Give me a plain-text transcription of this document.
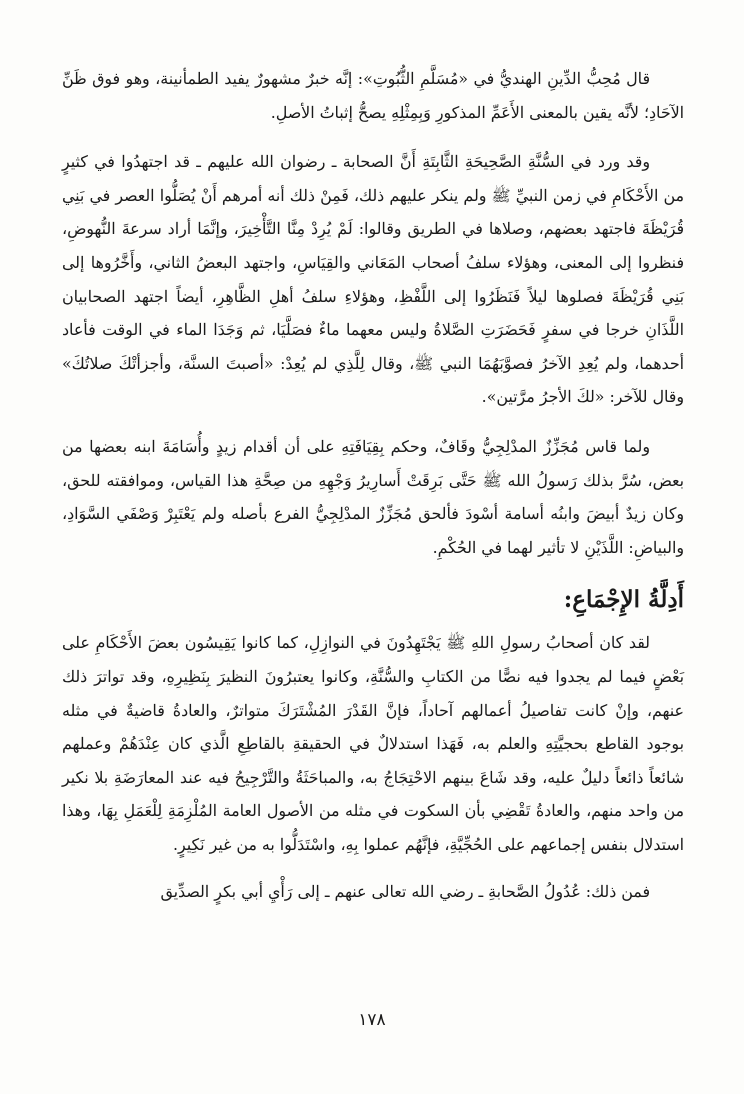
قال مُحِبُّ الدِّينِ الهنديُّ في «مُسَلَّمِ الثُّبُوتِ»: إنَّه خبرٌ مشهورٌ يفيد الطمأنينة، وهو فوق ظَنِّ الآحَادِ؛ لأنَّه يقين بالمعنى الأَعَمِّ المذكورِ وَبِمِثْلِهِ يصحُّ إثباتُ الأصلِ.

وقد ورد في السُّنَّةِ الصَّحِيحَةِ الثَّابِتَةِ أَنَّ الصحابة ـ رضوان الله عليهم ـ قد اجتهدُوا في كثيرٍ من الأَحْكَامِ في زمن النبيِّ ﷺ ولم ينكر عليهم ذلك، فَمِنْ ذلك أنه أمرهم أَنْ يُصَلُّوا العصر في بَنِي قُرَيْظَةَ فاجتهد بعضهم، وصلاها في الطريق وقالوا: لَمْ يُرِدْ مِنَّا التَّأْخِيرَ، وإنَّمَا أراد سرعةَ النُّهوضِ، فنظروا إلى المعنى، وهؤلاء سلفُ أصحاب المَعَاني والقِيَاسِ، واجتهد البعضُ الثاني، وأَخَّرُوها إلى بَنِي قُرَيْظَةَ فصلوها ليلاً فَنَظَرُوا إلى اللَّفْظِ، وهؤلاءِ سلفُ أهلِ الظَّاهِرِ، أيضاً اجتهد الصحابيان اللَّذَانِ خرجا في سفرٍ فَحَضَرَتِ الصَّلاةُ وليس معهما ماءٌ فصَلَّيَا، ثم وَجَدَا الماء في الوقت فأعاد أحدهما، ولم يُعِدِ الآخرُ فصوَّبَهُمَا النبي ﷺ، وقال لِلَّذِي لم يُعِدْ: «أصبتَ السنَّة، وأجزأتْكَ صلاتُكَ» وقال للآخر: «لكَ الأجرُ مرَّتين».

ولما قاس مُجَزِّزٌ المدْلِجِيُّ وقَافٌ، وحكم بِقِيَافَتِهِ على أن أقدام زيدٍ وأُسَامَةَ ابنه بعضها من بعض، سُرَّ بذلك رَسولُ الله ﷺ حَتَّى بَرِقَتْ أَسارِيرُ وَجْهِهِ من صِحَّةِ هذا القياس، وموافقته للحق، وكان زيدٌ أبيضَ وابنُه أسامة أسْودَ فألحق مُجَزِّزٌ المدْلِجِيُّ الفرع بأصله ولم يَعْتَبِرْ وَصْفَي السَّوَادِ، والبياضِ: اللَّذَيْنِ لا تأثير لهما في الحُكْمِ.

أَدِلَّةُ الإِجْمَاعِ:

لقد كان أصحابُ رسولِ اللهِ ﷺ يَجْتَهِدُونَ في النوازِلِ، كما كانوا يَقِيسُون بعضَ الأَحْكَامِ على بَعْضٍ فيما لم يجدوا فيه نصًّا من الكتابِ والسُّنَّةِ، وكانوا يعتبرُونَ النظيرَ بِنَظِيرِهِ، وقد تواترَ ذلك عنهم، وإنْ كانت تفاصيلُ أعمالهم آحاداً، فإنَّ القَدْرَ المُشْتَرَكَ متواترٌ، والعادةُ قاضيةٌ في مثله بوجود القاطع بحجيَّتِهِ والعلم به، فَهَذا استدلالٌ في الحقيقةِ بالقاطِعِ الَّذي كان عِنْدَهُمْ وعملهم شائعاً ذائعاً دليلٌ عليه، وقد شَاعَ بينهم الاحْتِجَاجُ به، والمباحَثَةُ والتَّرْجِيحُ فيه عند المعارَضَةِ بلا نكير من واحد منهم، والعادةُ تَقْضِي بأن السكوت في مثله من الأصول العامة المُلْزِمَةِ لِلْعَمَلِ بِهَا، وهذا استدلال بنفس إجماعهم على الحُجِّيَّةِ، فإنَّهُم عملوا بِهِ، واسْتَدَلُّوا به من غير نَكِيرٍ.

فمن ذلك: عُدُولُ الصَّحابةِ ـ رضي الله تعالى عنهم ـ إلى رَأْيِ أبي بكرٍ الصدِّيق

١٧٨
